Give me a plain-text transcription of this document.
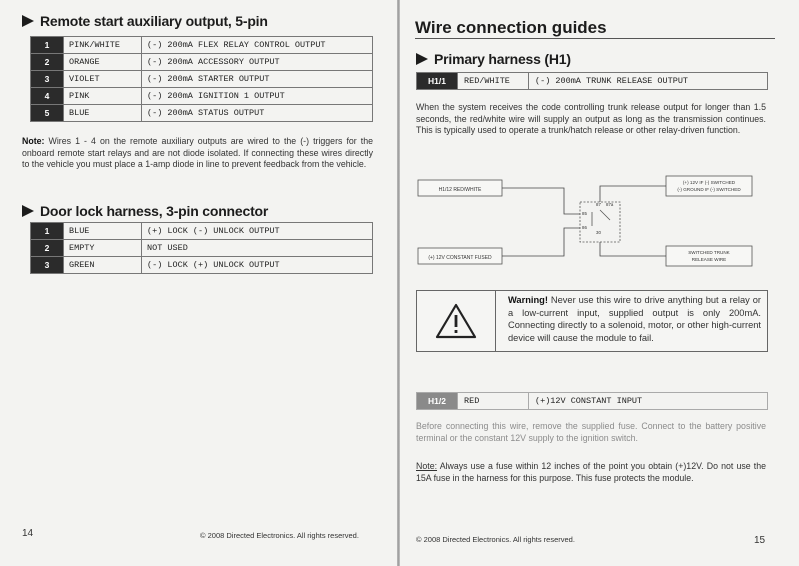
Remote start auxiliary output, 5-pin
1	PINK/WHITE	(-) 200mA FLEX RELAY CONTROL OUTPUT
2	ORANGE	(-) 200mA ACCESSORY OUTPUT
3	VIOLET	(-) 200mA STARTER OUTPUT
4	PINK	(-) 200mA IGNITION 1 OUTPUT
5	BLUE	(-) 200mA STATUS OUTPUT
Note: Wires 1 - 4 on the remote auxiliary outputs are wired to the (-) triggers for the onboard remote start relays and are not diode isolated. If connecting these wires directly to the vehicle you must place a 1-amp diode in line to prevent feedback from the vehicle.
Door lock harness, 3-pin connector
1	BLUE	(+) LOCK (-) UNLOCK OUTPUT
2	EMPTY	NOT USED
3	GREEN	(-) LOCK (+) UNLOCK OUTPUT
14	© 2008 Directed Electronics. All rights reserved.
Wire connection guides
Primary harness (H1)
H1/1	RED/WHITE	(-) 200mA TRUNK RELEASE OUTPUT
When the system receives the code controlling trunk release output for longer than 1.5 seconds, the red/white wire will supply an output as long as the transmission continues. This is typically used to operate a trunk/hatch release or other relay-driven function.
H1/12 RED/WHITE
(+) 12V CONSTANT FUSED
(+) 12V IF (-) SWITCHED
(-) GROUND IF (-) SWITCHED
SWITCHED TRUNK
RELEASE WIRE
87 87a
85
86
30
Warning! Never use this wire to drive anything but a relay or a low-current input, supplied output is only 200mA. Connecting directly to a solenoid, motor, or other high-current device will cause the module to fail.
H1/2	RED	(+)12V CONSTANT INPUT
Before connecting this wire, remove the supplied fuse. Connect to the battery positive terminal or the constant 12V supply to the ignition switch.
Note: Always use a fuse within 12 inches of the point you obtain (+)12V. Do not use the 15A fuse in the harness for this purpose. This fuse protects the module.
© 2008 Directed Electronics. All rights reserved.	15
